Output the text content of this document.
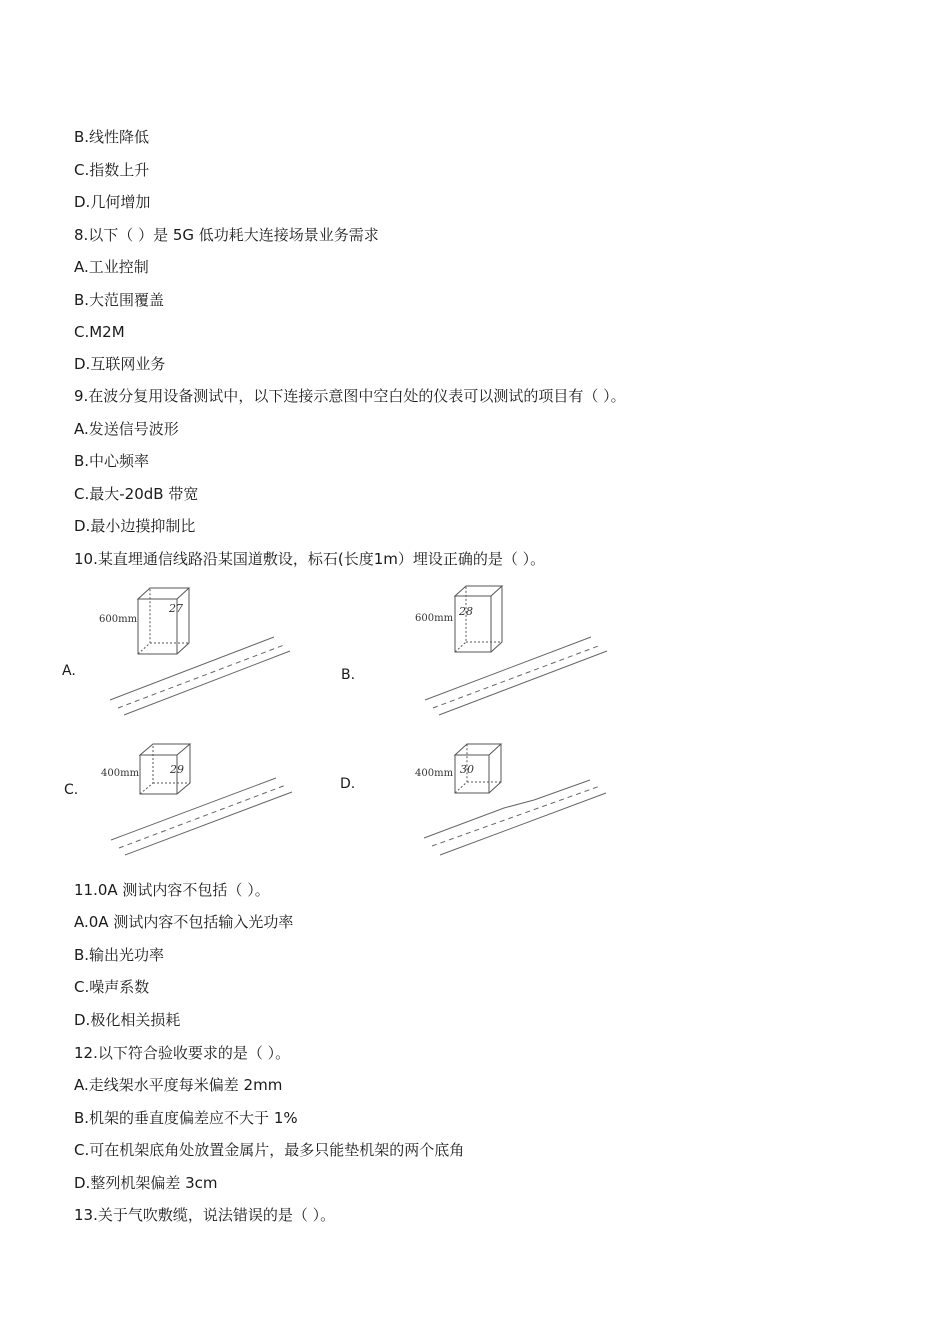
B.线性降低
C.指数上升
D.几何增加
8.以下（ ）是 5G 低功耗大连接场景业务需求
A.工业控制
B.大范围覆盖
C.M2M
D.互联网业务
9.在波分复用设备测试中，以下连接示意图中空白处的仪表可以测试的项目有（ ）。
A.发送信号波形
B.中心频率
C.最大-20dB 带宽
D.最小边摸抑制比
10.某直埋通信线路沿某国道敷设，标石(长度1m）埋设正确的是（ ）。
A.	B.
C.	D.
600mm
27
600mm
28
400mm	29	400mm 30
11.0A 测试内容不包括（ ）。
A.0A 测试内容不包括输入光功率
B.输出光功率
C.噪声系数
D.极化相关损耗
12.以下符合验收要求的是（ ）。
A.走线架水平度每米偏差 2mm
B.机架的垂直度偏差应不大于 1%
C.可在机架底角处放置金属片，最多只能垫机架的两个底角
D.整列机架偏差 3cm
13.关于气吹敷缆，说法错误的是（ ）。
